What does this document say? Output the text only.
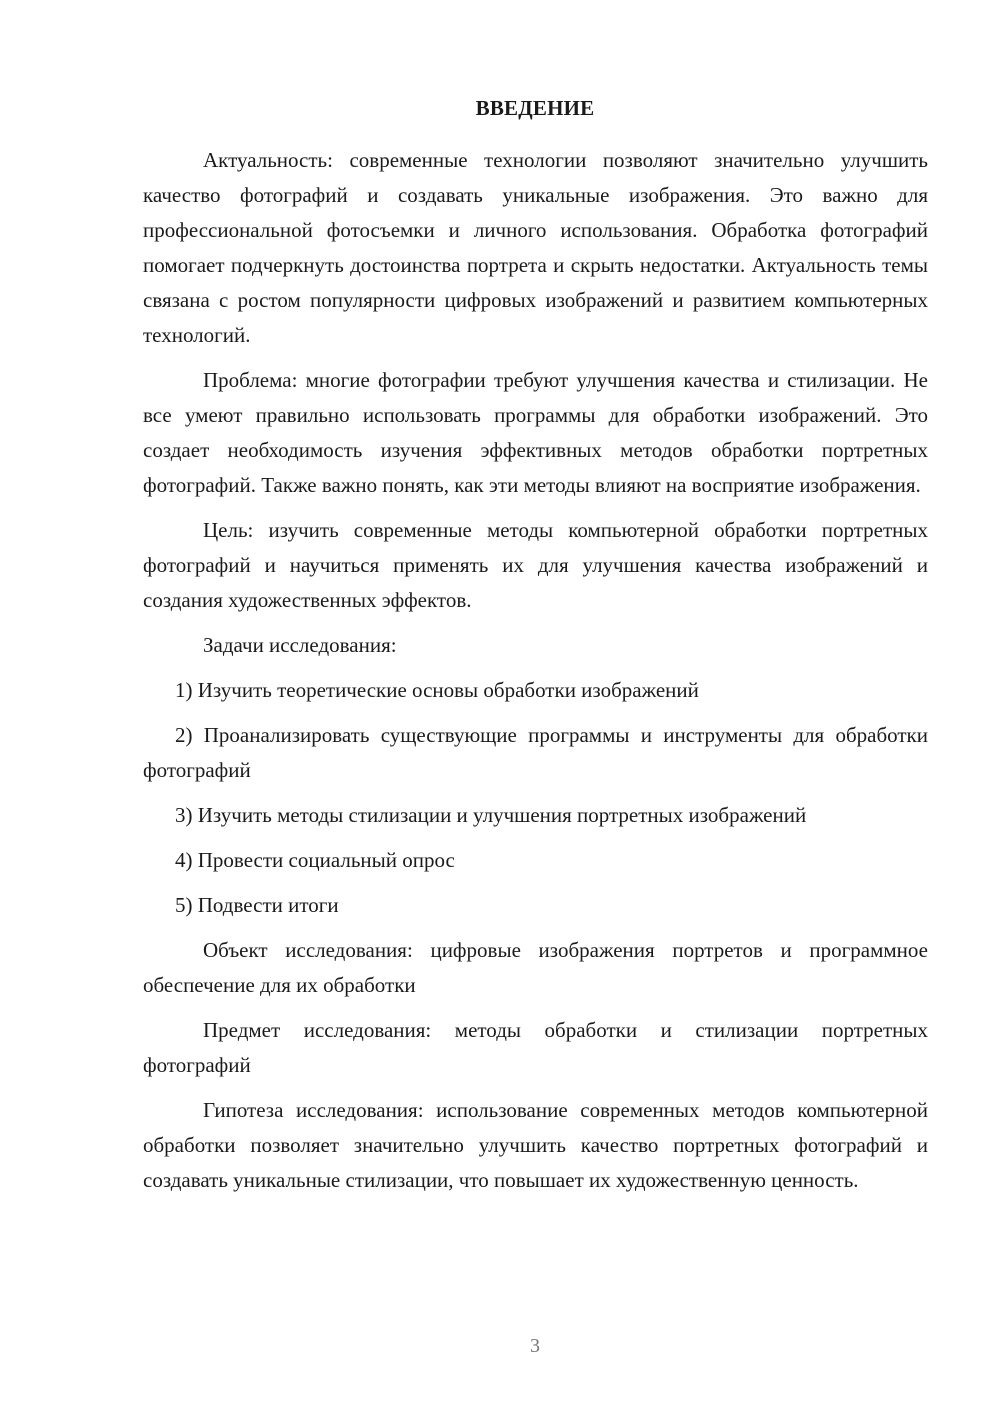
ВВЕДЕНИЕ

Актуальность: современные технологии позволяют значительно улучшить качество фотографий и создавать уникальные изображения. Это важно для профессиональной фотосъемки и личного использования. Обработка фотографий помогает подчеркнуть достоинства портрета и скрыть недостатки. Актуальность темы связана с ростом популярности цифровых изображений и развитием компьютерных технологий.

Проблема: многие фотографии требуют улучшения качества и стилизации. Не все умеют правильно использовать программы для обработки изображений. Это создает необходимость изучения эффективных методов обработки портретных фотографий. Также важно понять, как эти методы влияют на восприятие изображения.

Цель: изучить современные методы компьютерной обработки портретных фотографий и научиться применять их для улучшения качества изображений и создания художественных эффектов.

Задачи исследования:

1) Изучить теоретические основы обработки изображений

2) Проанализировать существующие программы и инструменты для обработки фотографий

3) Изучить методы стилизации и улучшения портретных изображений

4) Провести социальный опрос

5) Подвести итоги

Объект исследования: цифровые изображения портретов и программное обеспечение для их обработки

Предмет исследования: методы обработки и стилизации портретных фотографий

Гипотеза исследования: использование современных методов компьютерной обработки позволяет значительно улучшить качество портретных фотографий и создавать уникальные стилизации, что повышает их художественную ценность.

3
